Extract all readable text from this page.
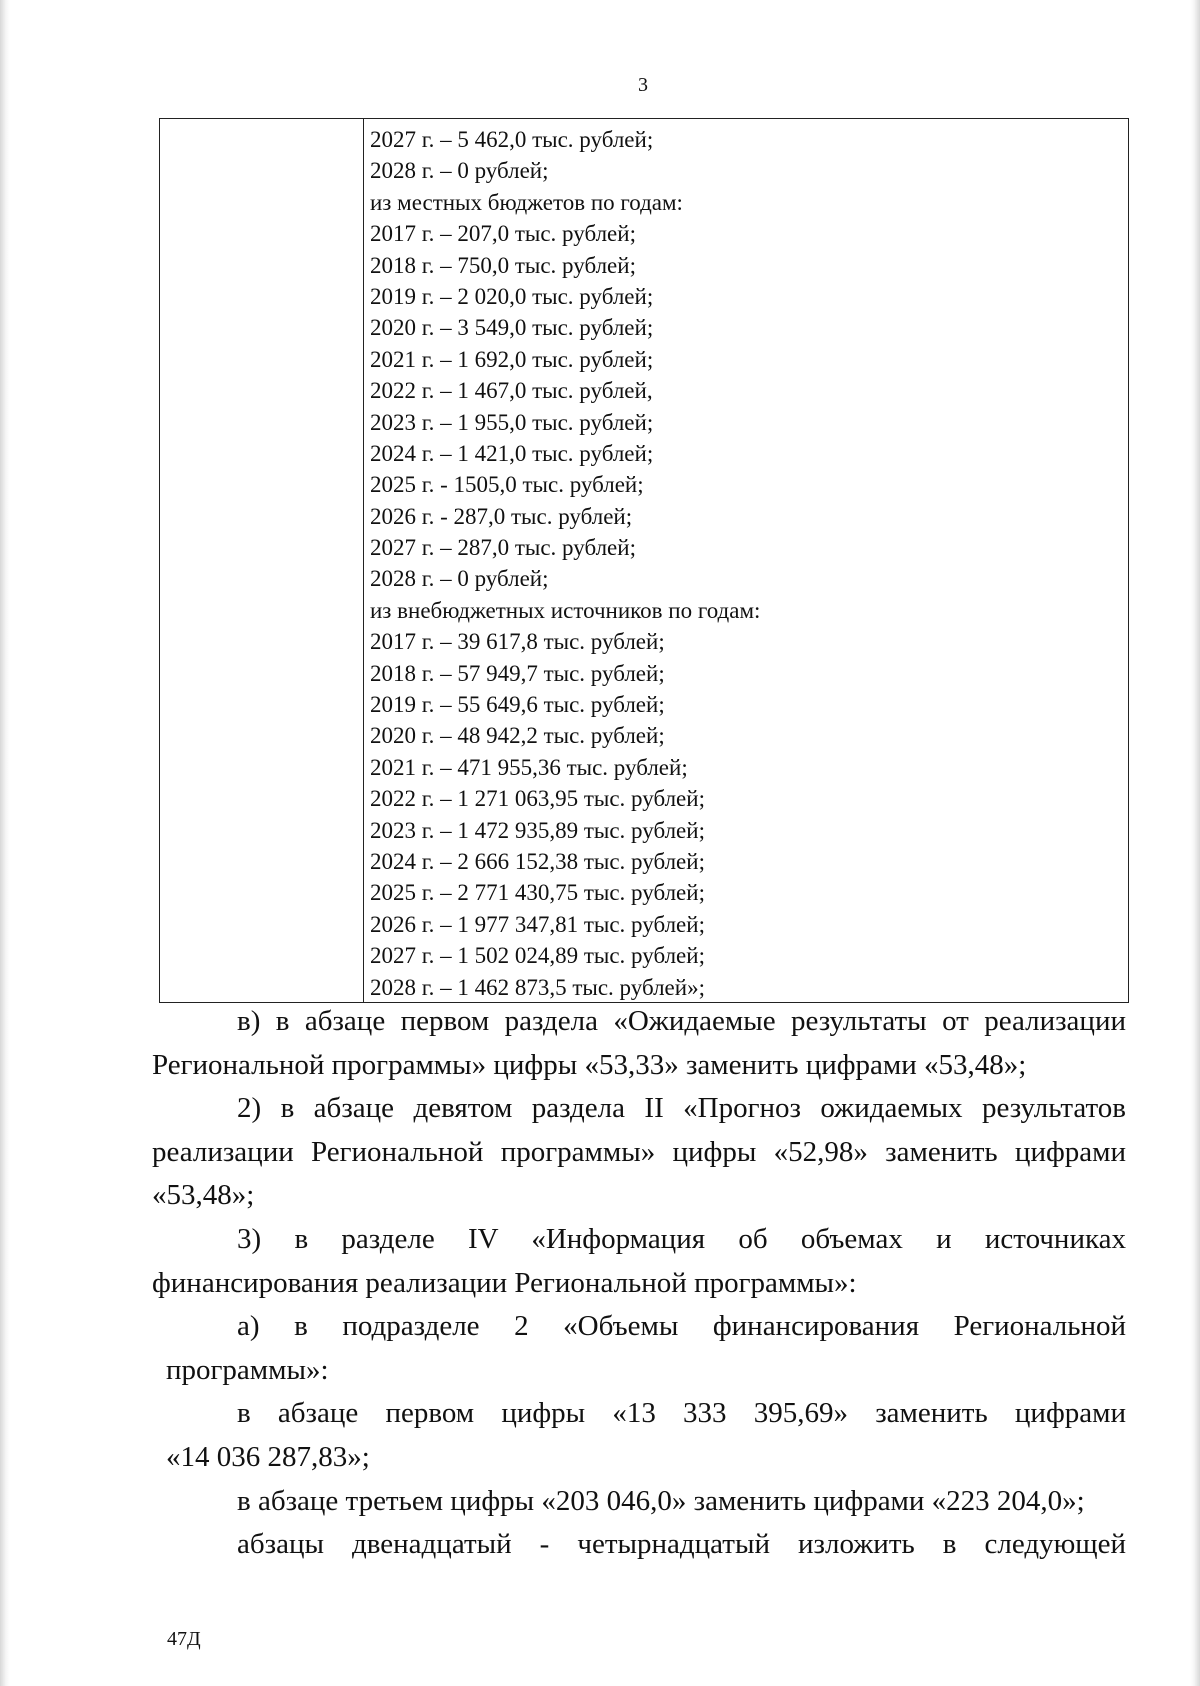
3
2027 г. – 5 462,0 тыс. рублей;
2028 г. – 0 рублей;
из местных бюджетов по годам:
2017 г. – 207,0 тыс. рублей;
2018 г. – 750,0 тыс. рублей;
2019 г. – 2 020,0 тыс. рублей;
2020 г. – 3 549,0 тыс. рублей;
2021 г. – 1 692,0 тыс. рублей;
2022 г. – 1 467,0 тыс. рублей,
2023 г. – 1 955,0 тыс. рублей;
2024 г. – 1 421,0 тыс. рублей;
2025 г. - 1505,0 тыс. рублей;
2026 г. - 287,0 тыс. рублей;
2027 г. – 287,0 тыс. рублей;
2028 г. – 0 рублей;
из внебюджетных источников по годам:
2017 г. – 39 617,8 тыс. рублей;
2018 г. – 57 949,7 тыс. рублей;
2019 г. – 55 649,6 тыс. рублей;
2020 г. – 48 942,2 тыс. рублей;
2021 г. – 471 955,36 тыс. рублей;
2022 г. – 1 271 063,95 тыс. рублей;
2023 г. – 1 472 935,89 тыс. рублей;
2024 г. – 2 666 152,38 тыс. рублей;
2025 г. – 2 771 430,75 тыс. рублей;
2026 г. – 1 977 347,81 тыс. рублей;
2027 г. – 1 502 024,89 тыс. рублей;
2028 г. – 1 462 873,5 тыс. рублей»;

в) в абзаце первом раздела «Ожидаемые результаты от реализации Региональной программы» цифры «53,33» заменить цифрами «53,48»;

2) в абзаце девятом раздела II «Прогноз ожидаемых результатов реализации Региональной программы» цифры «52,98» заменить цифрами «53,48»;

3) в разделе IV «Информация об объемах и источниках финансирования реализации Региональной программы»:

а) в подразделе 2 «Объемы финансирования Региональной

программы»:

в абзаце первом цифры «13 333 395,69» заменить цифрами

«14 036 287,83»;

в абзаце третьем цифры «203 046,0» заменить цифрами «223 204,0»;

абзацы двенадцатый - четырнадцатый изложить в следующей

47Д
